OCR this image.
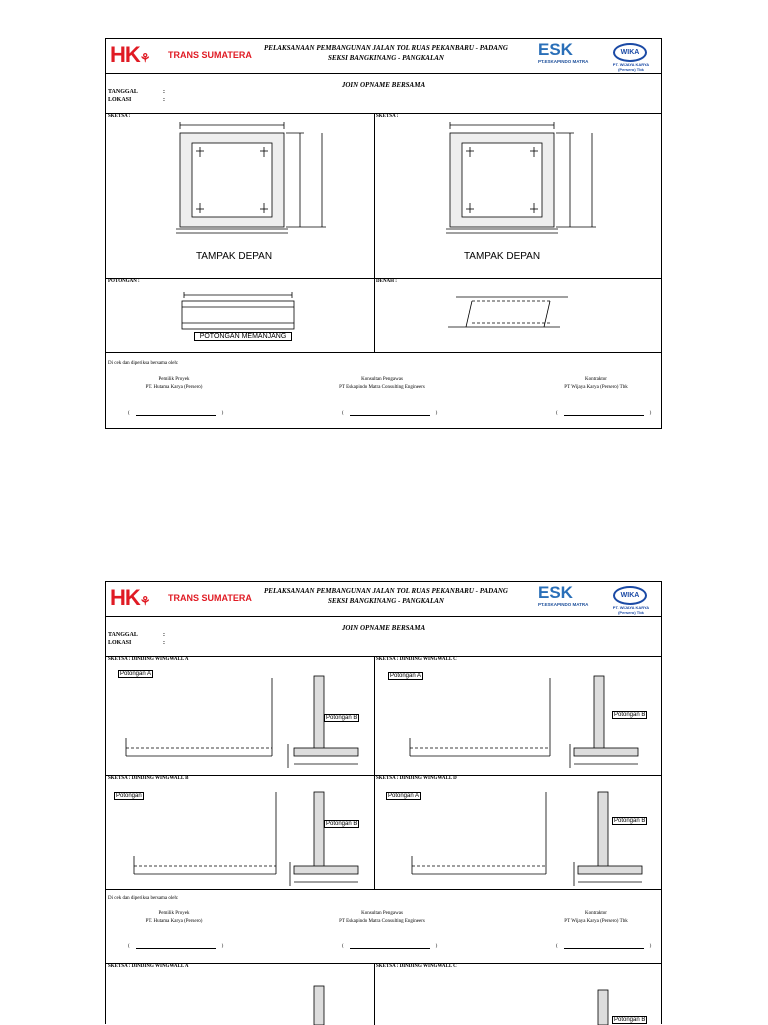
HK⚘ TRANS SUMATERA
PELAKSANAAN PEMBANGUNAN JALAN TOL RUAS PEKANBARU - PADANG
SEKSI BANGKINANG - PANGKALAN	ESK
PT.ESKAPINDO MATRA
WIKA
PT. WIJAYA KARYA (Persero) Tbk
JOIN OPNAME BERSAMA
TANGGAL	:
LOKASI	:
SKETSA :	SKETSA :
TAMPAK DEPAN	TAMPAK DEPAN
POTONGAN :	DENAH :
POTONGAN MEMANJANG
Di cek dan diperiksa bersama oleh:
Pemilik Proyek
PT. Hutama Karya (Persero)
Konsultan Pengawas
PT Eskapindo Matra Consulting Engineers
Kontraktor
PT Wijaya Karya (Persero) Tbk
(	)	(	)	(	)
HK⚘ TRANS SUMATERA
PELAKSANAAN PEMBANGUNAN JALAN TOL RUAS PEKANBARU - PADANG
SEKSI BANGKINANG - PANGKALAN	ESK
PT.ESKAPINDO MATRA
WIKA
PT. WIJAYA KARYA (Persero) Tbk
JOIN OPNAME BERSAMA
TANGGAL	:
LOKASI	:
SKETSA : DINDING WINGWALL A	SKETSA : DINDING WINGWALL C
Potongan A
Potongan B
Potongan A
Potongan B
SKETSA : DINDING WINGWALL B	SKETSA : DINDING WINGWALL D
Potongan
Potongan B
Potongan A
Potongan B
Di cek dan diperiksa bersama oleh:
Pemilik Proyek
PT. Hutama Karya (Persero)
Konsultan Pengawas
PT Eskapindo Matra Consulting Engineers
Kontraktor
PT Wijaya Karya (Persero) Tbk
(	)	(	)	(	)
SKETSA : DINDING WINGWALL A	SKETSA : DINDING WINGWALL C
Potongan B
